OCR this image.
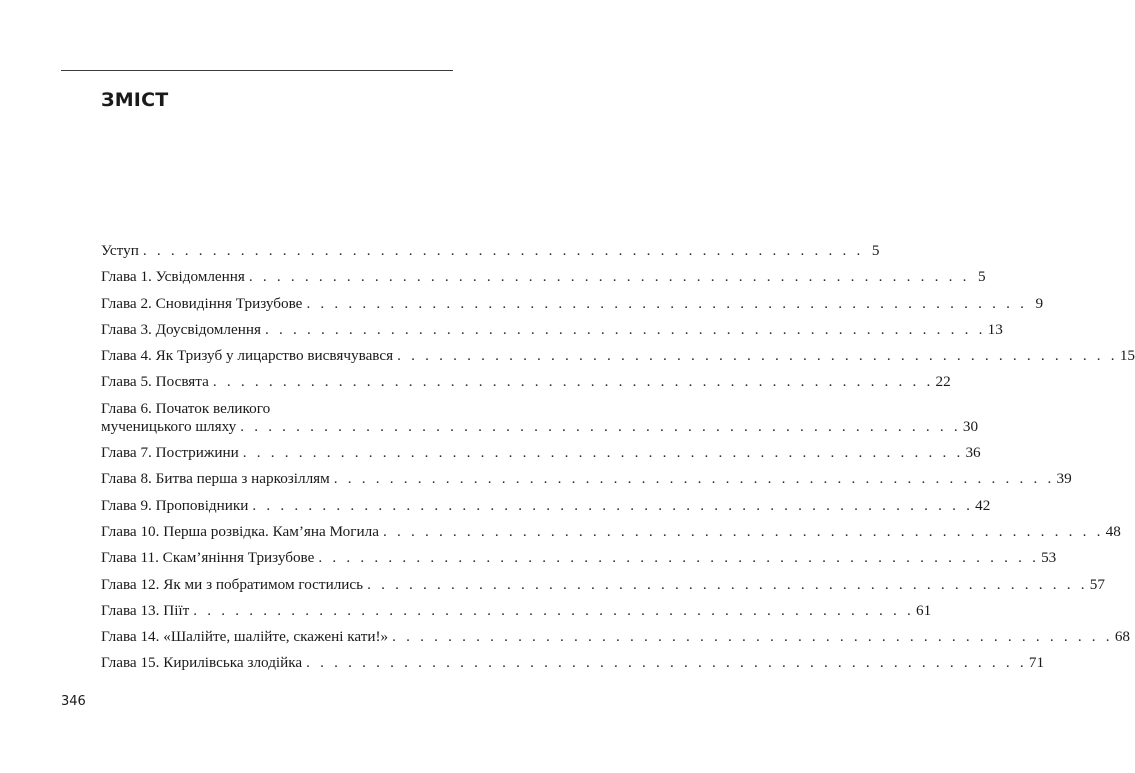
ЗМІСТ
Уступ . . . . . . . . . . . . . . . . . . . . . . . . . . . . . . . . . . . . . . . . . . . . . . . . . . . . 5
Глава 1. Усвідомлення . . . . . . . . . . . . . . . . . . . . . . . . . . . . . . . . . . . . . . . . . . . . . . . . . . . . 5
Глава 2. Сновидіння Тризубове . . . . . . . . . . . . . . . . . . . . . . . . . . . . . . . . . . . . . . . . . . . . . . . . . . . . 9
Глава 3. Доусвідомлення . . . . . . . . . . . . . . . . . . . . . . . . . . . . . . . . . . . . . . . . . . . . . . . . . . . . 13
Глава 4. Як Тризуб у лицарство висвячувався . . . . . . . . . . . . . . . . . . . . . . . . . . . . . . . . . . . . . . . . . . . . . . . . . . . . 15
Глава 5. Посвята . . . . . . . . . . . . . . . . . . . . . . . . . . . . . . . . . . . . . . . . . . . . . . . . . . . . 22
Глава 6. Початок великого
мученицького шляху . . . . . . . . . . . . . . . . . . . . . . . . . . . . . . . . . . . . . . . . . . . . . . . . . . . . 30
Глава 7. Пострижини . . . . . . . . . . . . . . . . . . . . . . . . . . . . . . . . . . . . . . . . . . . . . . . . . . . . 36
Глава 8. Битва перша з наркозіллям . . . . . . . . . . . . . . . . . . . . . . . . . . . . . . . . . . . . . . . . . . . . . . . . . . . . 39
Глава 9. Проповідники . . . . . . . . . . . . . . . . . . . . . . . . . . . . . . . . . . . . . . . . . . . . . . . . . . . . 42
Глава 10. Перша розвідка. Кам’яна Могила . . . . . . . . . . . . . . . . . . . . . . . . . . . . . . . . . . . . . . . . . . . . . . . . . . . . 48
Глава 11. Скам’яніння Тризубове . . . . . . . . . . . . . . . . . . . . . . . . . . . . . . . . . . . . . . . . . . . . . . . . . . . . 53
Глава 12. Як ми з побратимом гостились . . . . . . . . . . . . . . . . . . . . . . . . . . . . . . . . . . . . . . . . . . . . . . . . . . . . 57
Глава 13. Піїт . . . . . . . . . . . . . . . . . . . . . . . . . . . . . . . . . . . . . . . . . . . . . . . . . . . . 61
Глава 14. «Шалійте, шалійте, скажені кати!» . . . . . . . . . . . . . . . . . . . . . . . . . . . . . . . . . . . . . . . . . . . . . . . . . . . . 68
Глава 15. Кирилівська злодійка . . . . . . . . . . . . . . . . . . . . . . . . . . . . . . . . . . . . . . . . . . . . . . . . . . . . 71
346
